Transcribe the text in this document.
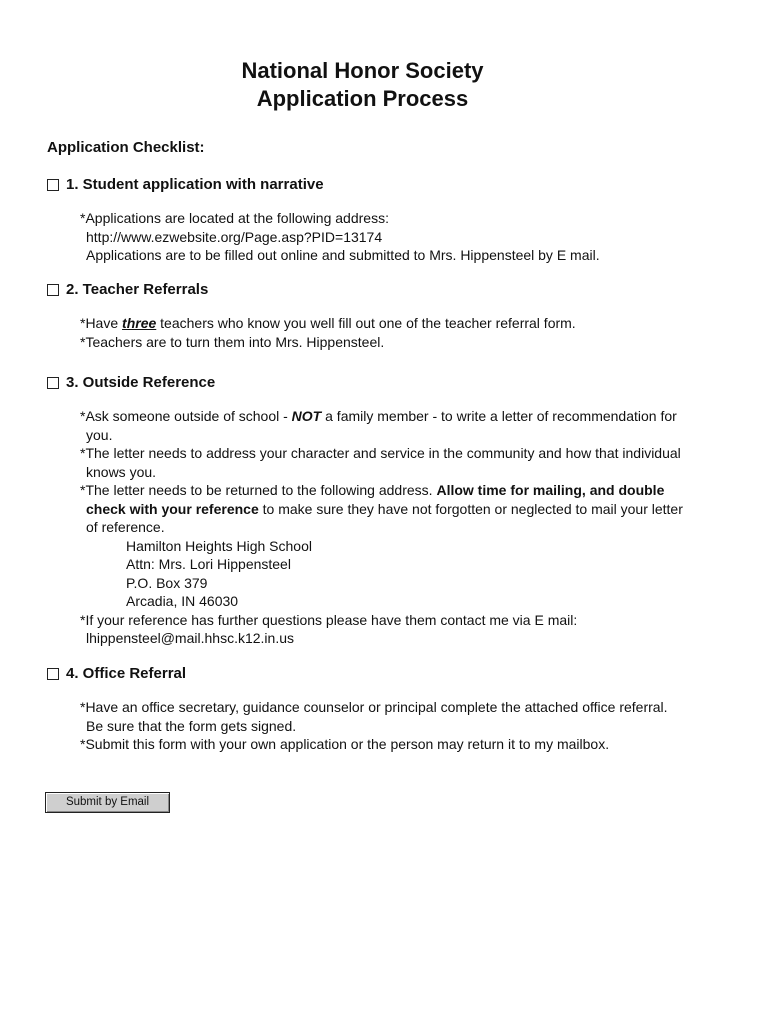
National Honor Society
Application Process
Application Checklist:
1. Student application with narrative
*Applications are located at the following address:
http://www.ezwebsite.org/Page.asp?PID=13174
Applications are to be filled out online and submitted to Mrs. Hippensteel by E mail.
2. Teacher Referrals
*Have three teachers who know you well fill out one of the teacher referral form.
*Teachers are to turn them into Mrs. Hippensteel.
3. Outside Reference
*Ask someone outside of school - NOT a family member - to write a letter of recommendation for
you.
*The letter needs to address your character and service in the community and how that individual
knows you.
*The letter needs to be returned to the following address. Allow time for mailing, and double
check with your reference to make sure they have not forgotten or neglected to mail your letter
of reference.
Hamilton Heights High School
Attn: Mrs. Lori Hippensteel
P.O. Box 379
Arcadia, IN 46030
*If your reference has further questions please have them contact me via E mail:
lhippensteel@mail.hhsc.k12.in.us
4. Office Referral
*Have an office secretary, guidance counselor or principal complete the attached office referral.
Be sure that the form gets signed.
*Submit this form with your own application or the person may return it to my mailbox.
Submit by Email
